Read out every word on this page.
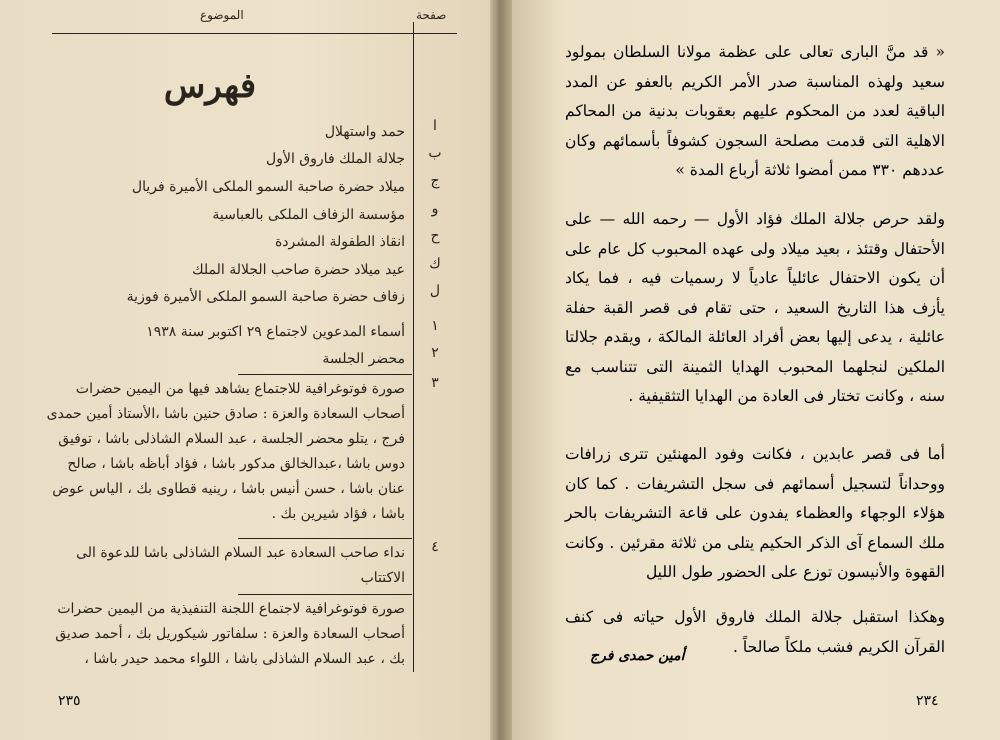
الموضوع	صفحة
فهرس
ا
حمد واستهلال
ب
جلالة الملك فاروق الأول
ج
ميلاد حضرة صاحبة السمو الملكى الأميرة فريال
و
مؤسسة الزفاف الملكى بالعباسية
ح
انقاذ الطفولة المشردة
ك
عيد ميلاد حضرة صاحب الجلالة الملك
ل
زفاف حضرة صاحبة السمو الملكى الأميرة فوزية
١
أسماء المدعوين لاجتماع ٢٩ اكتوبر سنة ١٩٣٨
٢
محضر الجلسة
٣
صورة فوتوغرافية للاجتماع يشاهد فيها من اليمين حضرات أصحاب السعادة والعزة : صادق حنين باشا ،الأستاذ أمين حمدى فرج ، يتلو محضر الجلسة ، عبد السلام الشاذلى باشا ، توفيق دوس باشا ،عبدالخالق مدكور باشا ، فؤاد أباظه باشا ، صالح عنان باشا ، حسن أنيس باشا ، رينيه قطاوى بك ، الياس عوض باشا ، فؤاد شيرين بك .
٤
نداء صاحب السعادة عبد السلام الشاذلى باشا للدعوة الى الاكتتاب
صورة فوتوغرافية لاجتماع اللجنة التنفيذية من اليمين حضرات أصحاب السعادة والعزة : سلفاتور شيكوريل بك ، أحمد صديق بك ، عبد السلام الشاذلى باشا ، اللواء محمد حيدر باشا ،
٢٣٥
« قد منَّ البارى تعالى على عظمة مولانا السلطان بمولود سعيد ولهذه المناسبة صدر الأمر الكريم بالعفو عن المدد الباقية لعدد من المحكوم عليهم بعقوبات بدنية من المحاكم الاهلية التى قدمت مصلحة السجون كشوفاً بأسمائهم وكان عددهم ٣٣٠ ممن أمضوا ثلاثة أرباع المدة »
ولقد حرص جلالة الملك فؤاد الأول — رحمه الله — على الأحتفال وقتئذ ، بعيد ميلاد ولى عهده المحبوب كل عام على أن يكون الاحتفال عائلياً عادياً لا رسميات فيه ، فما يكاد يأزف هذا التاريخ السعيد ، حتى تقام فى قصر القبة حفلة عائلية ، يدعى إليها بعض أفراد العائلة المالكة ، ويقدم جلالتا الملكين لنجلهما المحبوب الهدايا الثمينة التى تتناسب مع سنه ، وكانت تختار فى العادة من الهدايا التثقيفية .
أما فى قصر عابدين ، فكانت وفود المهنئين تترى زرافات ووحداناً لتسجيل أسمائهم فى سجل التشريفات . كما كان هؤلاء الوجهاء والعظماء يفدون على قاعة التشريفات بالحر ملك السماع آى الذكر الحكيم يتلى من ثلاثة مقرئين . وكانت القهوة والأنيسون توزع على الحضور طول الليل
وهكذا استقبل جلالة الملك فاروق الأول حياته فى كنف القرآن الكريم فشب ملكاً صالحاً .
أمين حمدى فرج
٢٣٤
